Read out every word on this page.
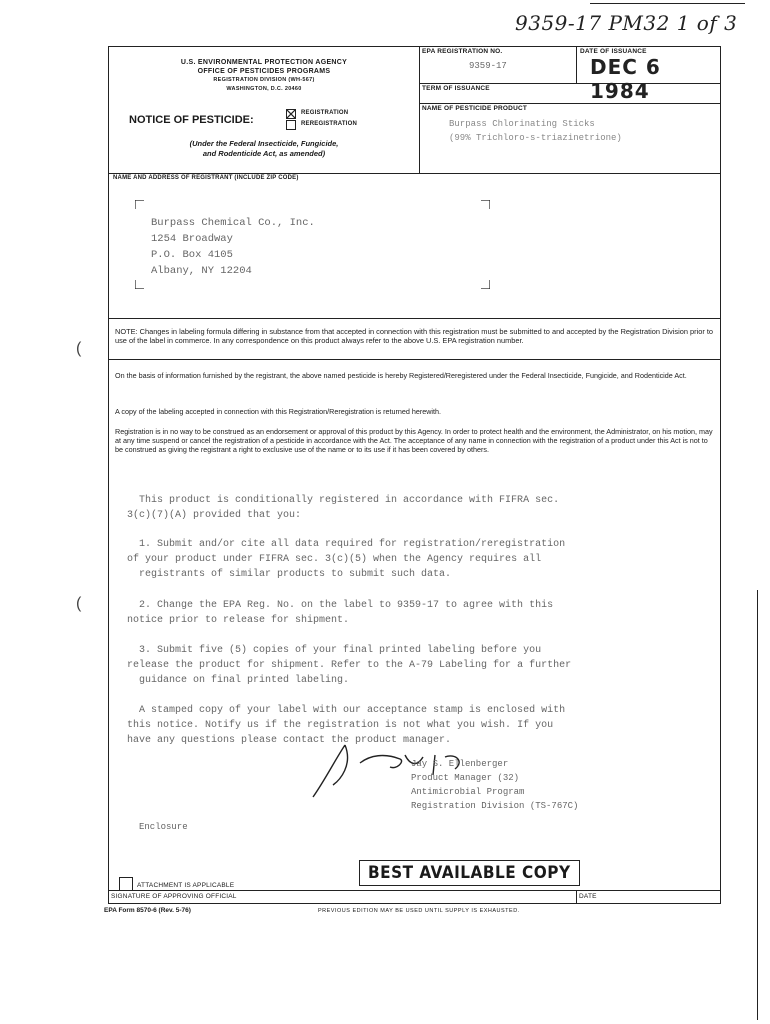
9359-17 PM32 1 of 3
(
(
U.S. ENVIRONMENTAL PROTECTION AGENCY
OFFICE OF PESTICIDES PROGRAMS
REGISTRATION DIVISION (WH-567)
WASHINGTON, D.C. 20460
NOTICE OF PESTICIDE:
REGISTRATION
REREGISTRATION
(Under the Federal Insecticide, Fungicide,
and Rodenticide Act, as amended)
EPA REGISTRATION NO.
9359-17
DATE OF ISSUANCE
DEC 6 1984
TERM OF ISSUANCE
NAME OF PESTICIDE PRODUCT
Burpass Chlorinating Sticks
(99% Trichloro-s-triazinetrione)
NAME AND ADDRESS OF REGISTRANT (INCLUDE ZIP CODE)
Burpass Chemical Co., Inc.
1254 Broadway
P.O. Box 4105
Albany, NY 12204
NOTE: Changes in labeling formula differing in substance from that accepted in connection with this registration must be submitted to and accepted by the Registration Division prior to use of the label in commerce. In any correspondence on this product always refer to the above U.S. EPA registration number.
On the basis of information furnished by the registrant, the above named pesticide is hereby Registered/Reregistered under the Federal Insecticide, Fungicide, and Rodenticide Act.
A copy of the labeling accepted in connection with this Registration/Reregistration is returned herewith.
Registration is in no way to be construed as an endorsement or approval of this product by this Agency. In order to protect health and the environment, the Administrator, on his motion, may at any time suspend or cancel the registration of a pesticide in accordance with the Act. The acceptance of any name in connection with the registration of a product under this Act is not to be construed as giving the registrant a right to exclusive use of the name or to its use if it has been covered by others.
This product is conditionally registered in accordance with FIFRA sec.
3(c)(7)(A) provided that you:
1. Submit and/or cite all data required for registration/reregistration
of your product under FIFRA sec. 3(c)(5) when the Agency requires all
registrants of similar products to submit such data.
2. Change the EPA Reg. No. on the label to 9359-17 to agree with this
notice prior to release for shipment.
3. Submit five (5) copies of your final printed labeling before you
release the product for shipment. Refer to the A-79 Labeling for a further
guidance on final printed labeling.
A stamped copy of your label with our acceptance stamp is enclosed with
this notice. Notify us if the registration is not what you wish. If you
have any questions please contact the product manager.
Jay S. Ellenberger
Product Manager (32)
Antimicrobial Program
Registration Division (TS-767C)
Enclosure
ATTACHMENT IS APPLICABLE
BEST AVAILABLE COPY
SIGNATURE OF APPROVING OFFICIAL	DATE
EPA Form 8570-6 (Rev. 5-76)	PREVIOUS EDITION MAY BE USED UNTIL SUPPLY IS EXHAUSTED.
